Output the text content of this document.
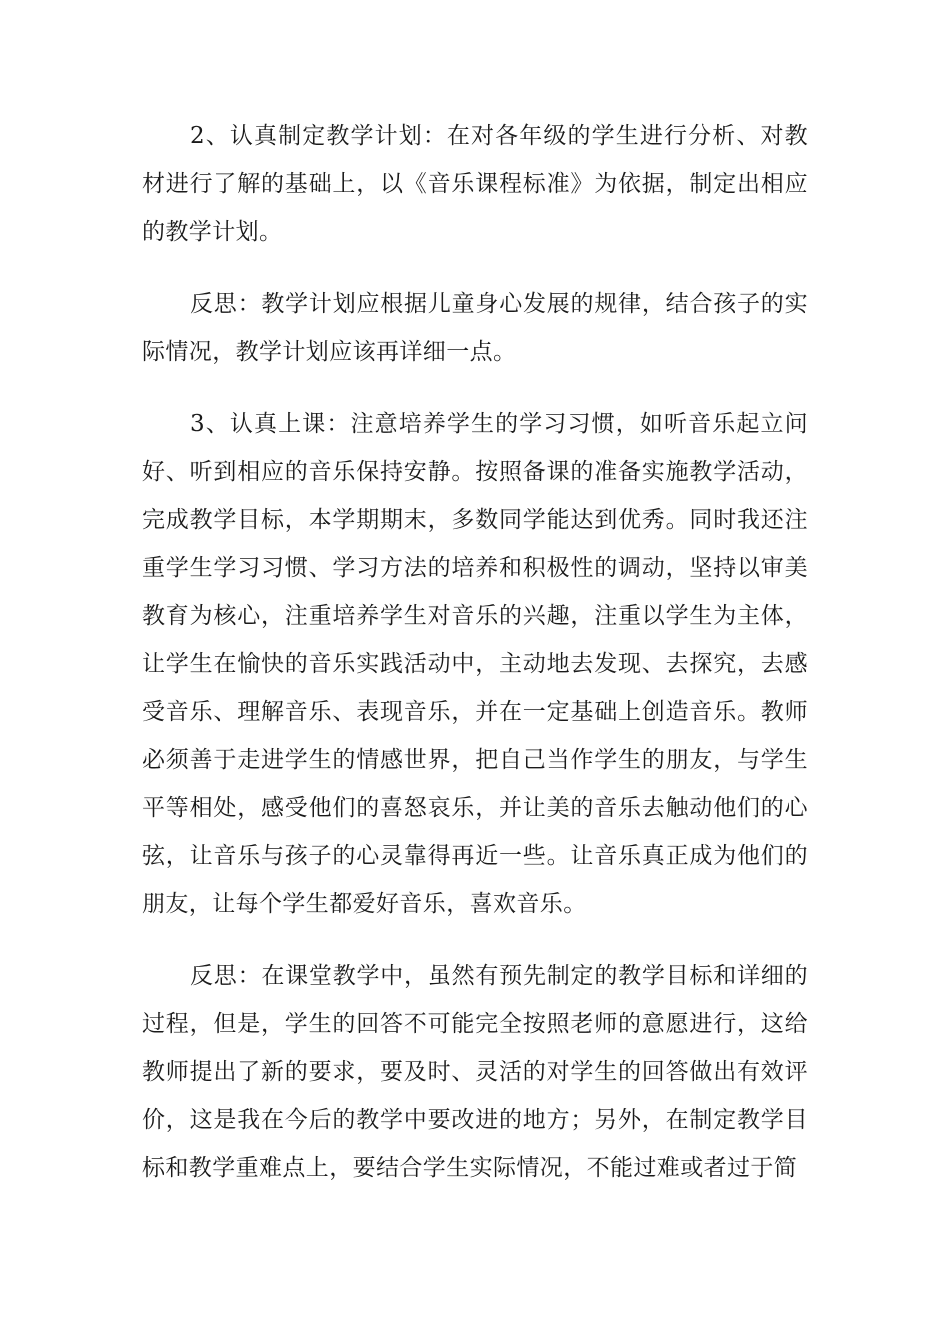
2、认真制定教学计划：在对各年级的学生进行分析、对教材进行了解的基础上，以《音乐课程标准》为依据，制定出相应的教学计划。

反思：教学计划应根据儿童身心发展的规律，结合孩子的实际情况，教学计划应该再详细一点。

3、认真上课：注意培养学生的学习习惯，如听音乐起立问好、听到相应的音乐保持安静。按照备课的准备实施教学活动，完成教学目标，本学期期末，多数同学能达到优秀。同时我还注重学生学习习惯、学习方法的培养和积极性的调动，坚持以审美教育为核心，注重培养学生对音乐的兴趣，注重以学生为主体，让学生在愉快的音乐实践活动中，主动地去发现、去探究，去感受音乐、理解音乐、表现音乐，并在一定基础上创造音乐。教师必须善于走进学生的情感世界，把自己当作学生的朋友，与学生平等相处，感受他们的喜怒哀乐，并让美的音乐去触动他们的心弦，让音乐与孩子的心灵靠得再近一些。让音乐真正成为他们的朋友，让每个学生都爱好音乐，喜欢音乐。

反思：在课堂教学中，虽然有预先制定的教学目标和详细的过程，但是，学生的回答不可能完全按照老师的意愿进行，这给教师提出了新的要求，要及时、灵活的对学生的回答做出有效评价，这是我在今后的教学中要改进的地方；另外，在制定教学目标和教学重难点上，要结合学生实际情况，不能过难或者过于简
